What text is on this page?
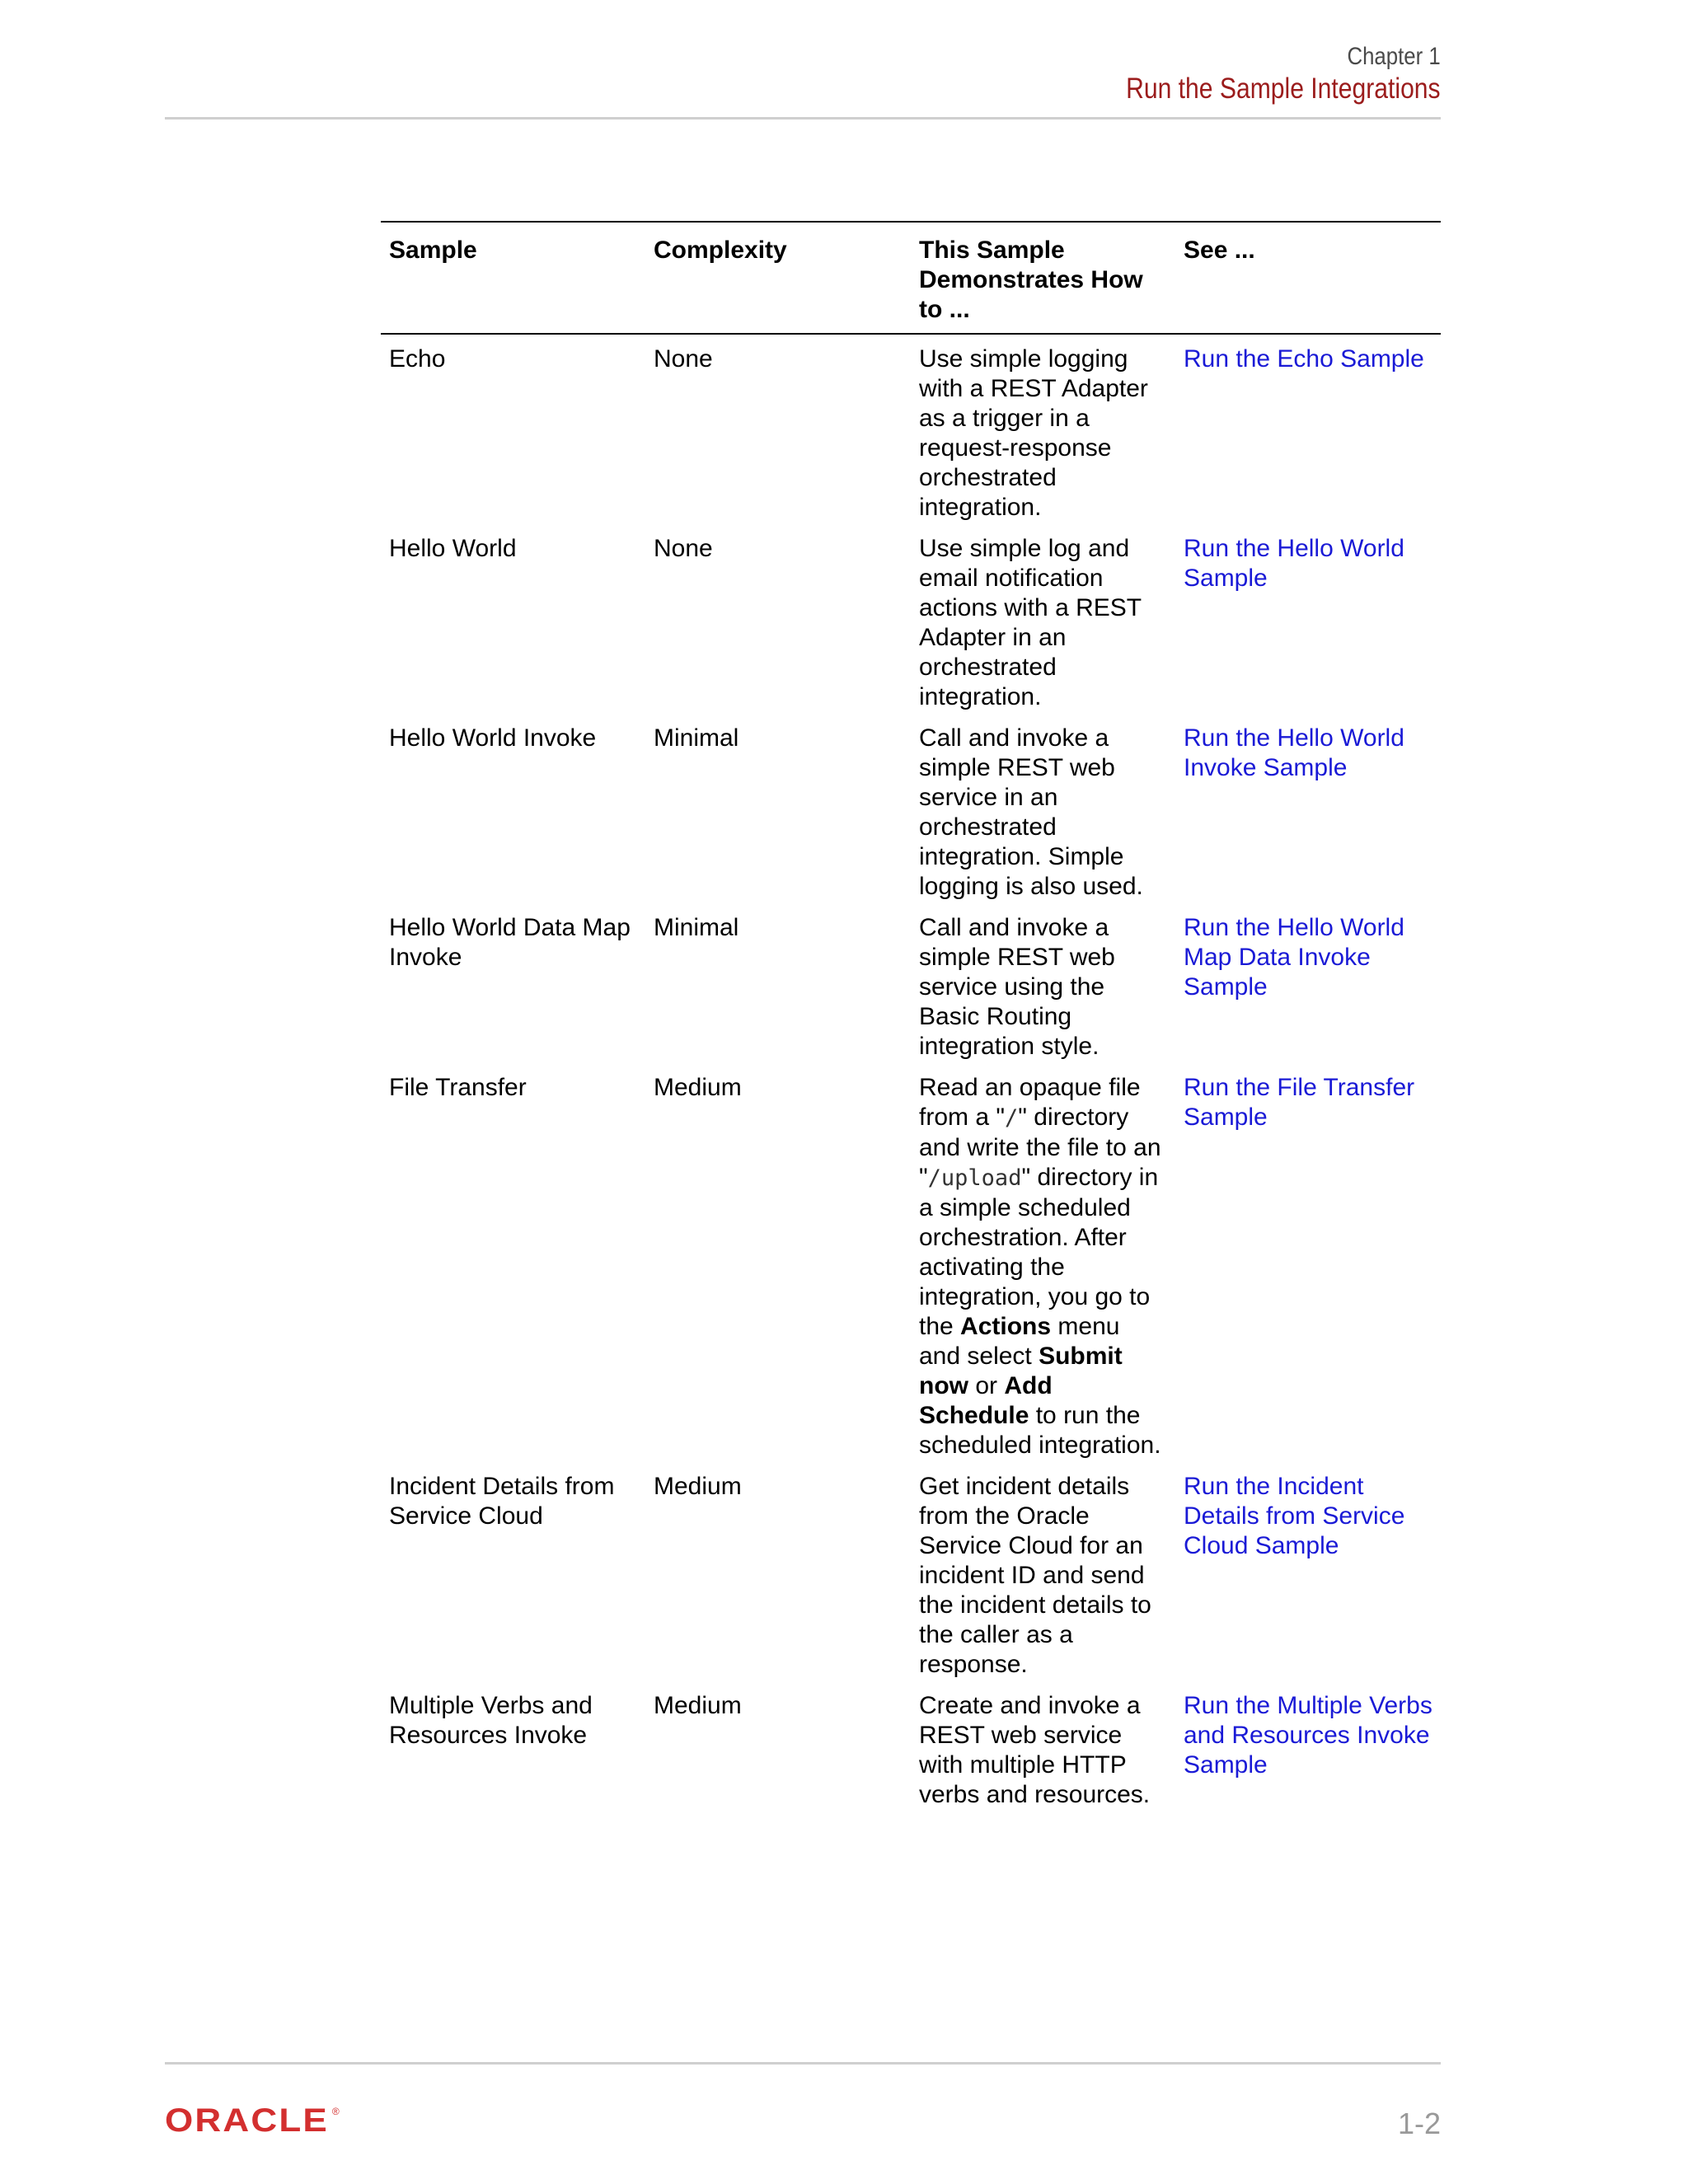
Chapter 1
Run the Sample Integrations
Sample	Complexity	This Sample Demonstrates How to ...	See ...
Echo	None	Use simple logging with a REST Adapter as a trigger in a request-response orchestrated integration.	Run the Echo Sample
Hello World	None	Use simple log and email notification actions with a REST Adapter in an orchestrated integration.	Run the Hello World Sample
Hello World Invoke	Minimal	Call and invoke a simple REST web service in an orchestrated integration. Simple logging is also used.	Run the Hello World Invoke Sample
Hello World Data Map Invoke	Minimal	Call and invoke a simple REST web service using the Basic Routing integration style.	Run the Hello World Map Data Invoke Sample
File Transfer	Medium	Read an opaque file from a "/" directory and write the file to an "/upload" directory in a simple scheduled orchestration. After activating the integration, you go to the Actions menu and select Submit now or Add Schedule to run the scheduled integration.	Run the File Transfer Sample
Incident Details from Service Cloud	Medium	Get incident details from the Oracle Service Cloud for an incident ID and send the incident details to the caller as a response.	Run the Incident Details from Service Cloud Sample
Multiple Verbs and Resources Invoke	Medium	Create and invoke a REST web service with multiple HTTP verbs and resources.	Run the Multiple Verbs and Resources Invoke Sample
ORACLE ®	1-2
